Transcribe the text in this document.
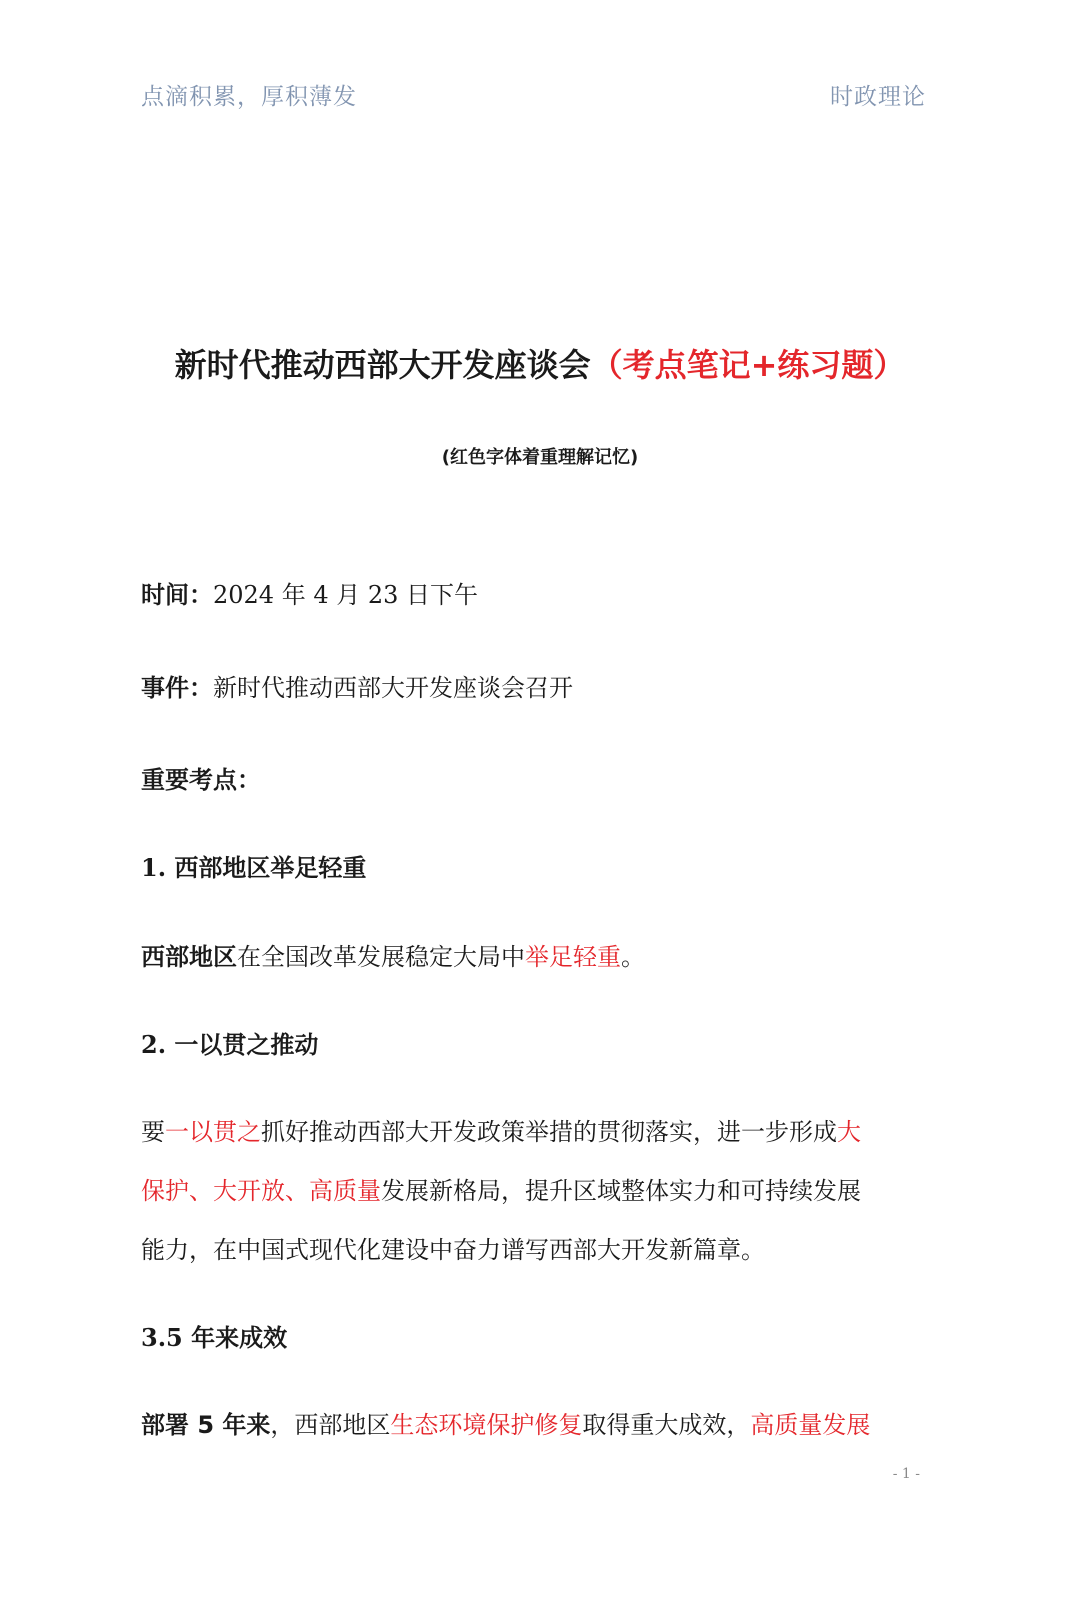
点滴积累，厚积薄发	时政理论
新时代推动西部大开发座谈会（考点笔记+练习题）
(红色字体着重理解记忆)
时间：2024 年 4 月 23 日下午
事件：新时代推动西部大开发座谈会召开
重要考点：
1. 西部地区举足轻重
西部地区在全国改革发展稳定大局中举足轻重。
2. 一以贯之推动
要一以贯之抓好推动西部大开发政策举措的贯彻落实，进一步形成大
保护、大开放、高质量发展新格局，提升区域整体实力和可持续发展
能力，在中国式现代化建设中奋力谱写西部大开发新篇章。
3.5 年来成效
部署 5 年来，西部地区生态环境保护修复取得重大成效，高质量发展
- 1 -
